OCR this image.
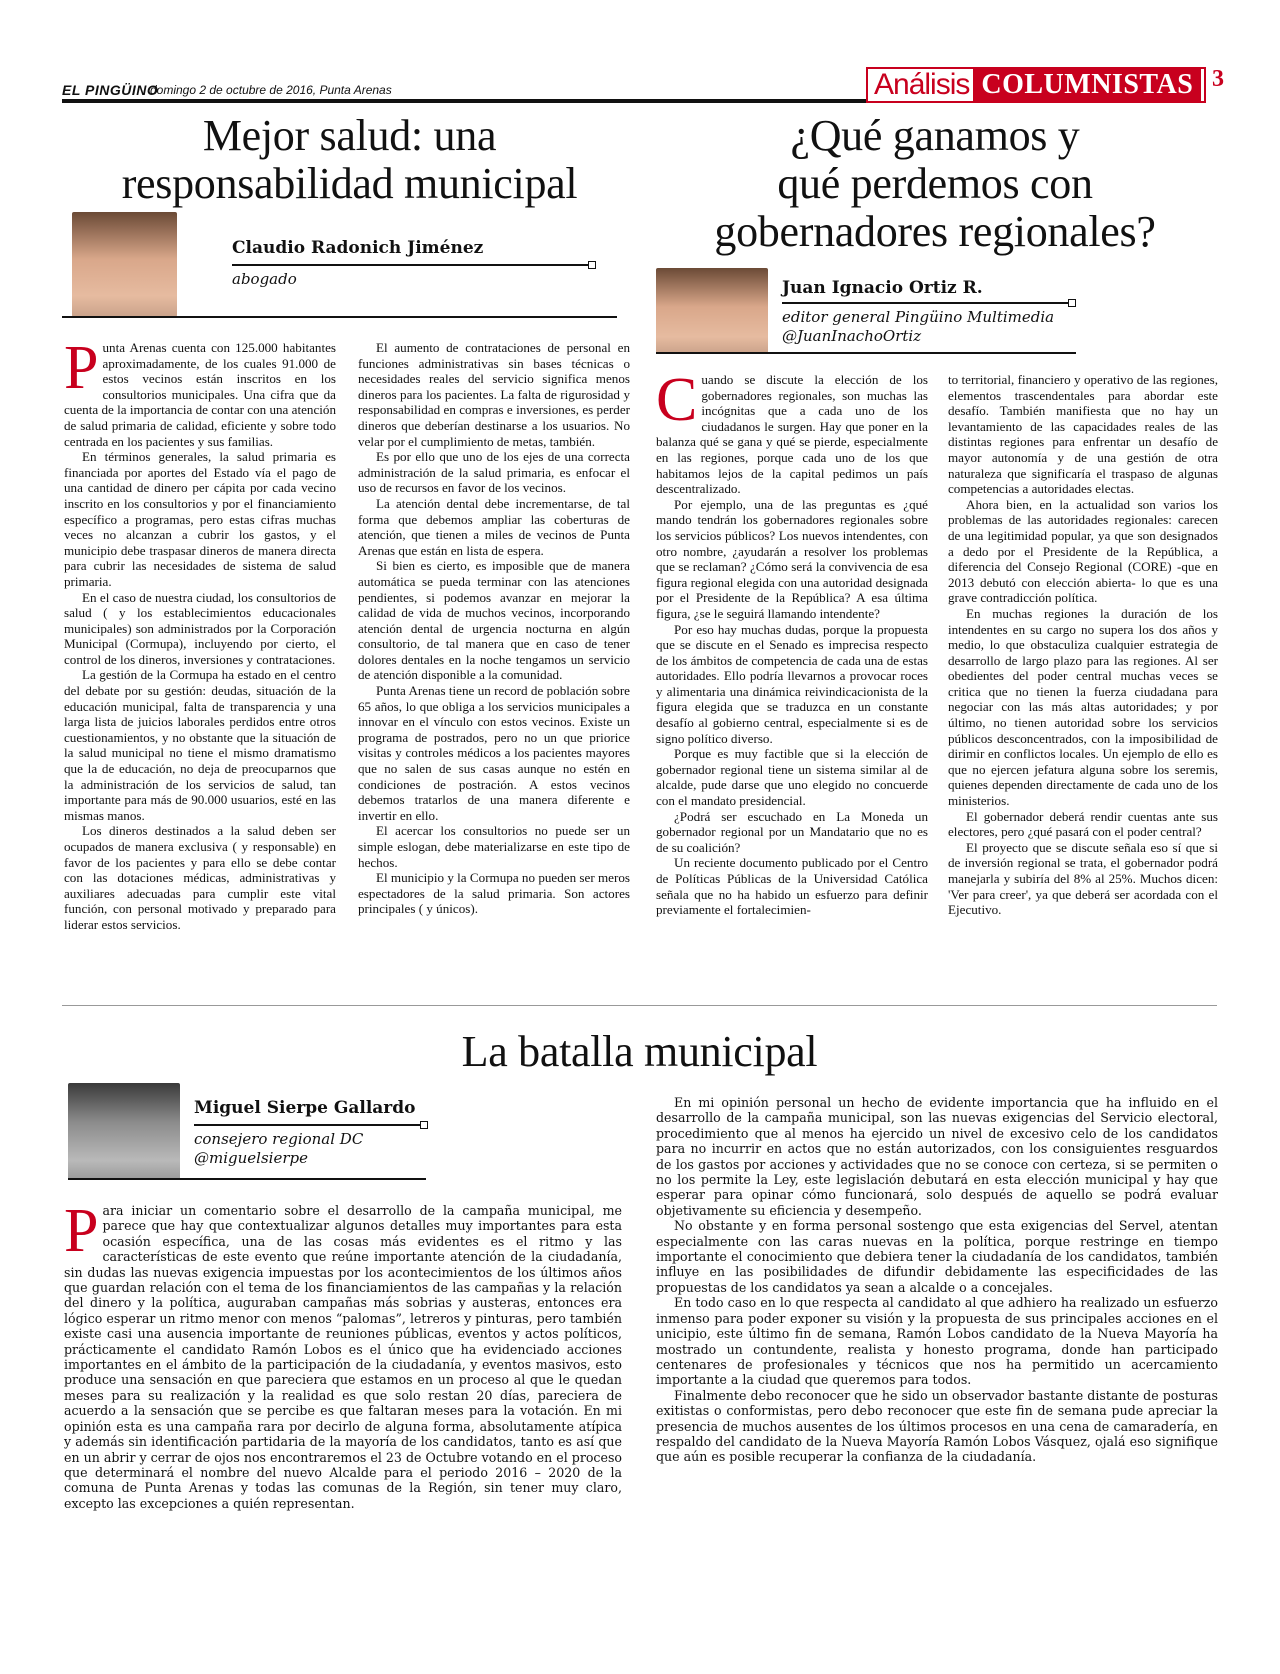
EL PINGÜINO
domingo 2 de octubre de 2016, Punta Arenas	Análisis COLUMNISTAS 3
Mejor salud: una
responsabilidad municipal
Claudio Radonich Jiménez
abogado
P unta Arenas cuenta con 125.000 habitantes aproximadamente, de los cuales 91.000 de estos vecinos están inscritos en los consultorios municipales. Una cifra que da cuenta de la importancia de contar con una atención de salud primaria de calidad, eficiente y sobre todo centrada en los pacientes y sus familias.

En términos generales, la salud primaria es financiada por aportes del Estado vía el pago de una cantidad de dinero per cápita por cada vecino inscrito en los consultorios y por el financiamiento específico a programas, pero estas cifras muchas veces no alcanzan a cubrir los gastos, y el municipio debe traspasar dineros de manera directa para cubrir las necesidades de sistema de salud primaria.

En el caso de nuestra ciudad, los consultorios de salud ( y los establecimientos educacionales municipales) son administrados por la Corporación Municipal (Cormupa), incluyendo por cierto, el control de los dineros, inversiones y contrataciones.

La gestión de la Cormupa ha estado en el centro del debate por su gestión: deudas, situación de la educación municipal, falta de transparencia y una larga lista de juicios laborales perdidos entre otros cuestionamientos, y no obstante que la situación de la salud municipal no tiene el mismo dramatismo que la de educación, no deja de preocuparnos que la administración de los servicios de salud, tan importante para más de 90.000 usuarios, esté en las mismas manos.

Los dineros destinados a la salud deben ser ocupados de manera exclusiva ( y responsable) en favor de los pacientes y para ello se debe contar con las dotaciones médicas, administrativas y auxiliares adecuadas para cumplir este vital función, con personal motivado y preparado para liderar estos servicios.

El aumento de contrataciones de personal en funciones administrativas sin bases técnicas o necesidades reales del servicio significa menos dineros para los pacientes. La falta de rigurosidad y responsabilidad en compras e inversiones, es perder dineros que deberían destinarse a los usuarios. No velar por el cumplimiento de metas, también.

Es por ello que uno de los ejes de una correcta administración de la salud primaria, es enfocar el uso de recursos en favor de los vecinos.

La atención dental debe incrementarse, de tal forma que debemos ampliar las coberturas de atención, que tienen a miles de vecinos de Punta Arenas que están en lista de espera.

Si bien es cierto, es imposible que de manera automática se pueda terminar con las atenciones pendientes, si podemos avanzar en mejorar la calidad de vida de muchos vecinos, incorporando atención dental de urgencia nocturna en algún consultorio, de tal manera que en caso de tener dolores dentales en la noche tengamos un servicio de atención disponible a la comunidad.

Punta Arenas tiene un record de población sobre 65 años, lo que obliga a los servicios municipales a innovar en el vínculo con estos vecinos. Existe un programa de postrados, pero no un que priorice visitas y controles médicos a los pacientes mayores que no salen de sus casas aunque no estén en condiciones de postración. A estos vecinos debemos tratarlos de una manera diferente e invertir en ello.

El acercar los consultorios no puede ser un simple eslogan, debe materializarse en este tipo de hechos.

El municipio y la Cormupa no pueden ser meros espectadores de la salud primaria. Son actores principales ( y únicos).

¿Qué ganamos y
qué perdemos con
gobernadores regionales?
Juan Ignacio Ortiz R.
editor general Pingüino Multimedia
@JuanInachoOrtiz
C uando se discute la elección de los gobernadores regionales, son muchas las incógnitas que a cada uno de los ciudadanos le surgen. Hay que poner en la balanza qué se gana y qué se pierde, especialmente en las regiones, porque cada uno de los que habitamos lejos de la capital pedimos un país descentralizado.

Por ejemplo, una de las preguntas es ¿qué mando tendrán los gobernadores regionales sobre los servicios públicos? Los nuevos intendentes, con otro nombre, ¿ayudarán a resolver los problemas que se reclaman? ¿Cómo será la convivencia de esa figura regional elegida con una autoridad designada por el Presidente de la República? A esa última figura, ¿se le seguirá llamando intendente?

Por eso hay muchas dudas, porque la propuesta que se discute en el Senado es imprecisa respecto de los ámbitos de competencia de cada una de estas autoridades. Ello podría llevarnos a provocar roces y alimentaria una dinámica reivindicacionista de la figura elegida que se traduzca en un constante desafío al gobierno central, especialmente si es de signo político diverso.

Porque es muy factible que si la elección de gobernador regional tiene un sistema similar al de alcalde, pude darse que uno elegido no concuerde con el mandato presidencial.

¿Podrá ser escuchado en La Moneda un gobernador regional por un Mandatario que no es de su coalición?

Un reciente documento publicado por el Centro de Políticas Públicas de la Universidad Católica señala que no ha habido un esfuerzo para definir previamente el fortalecimien-

to territorial, financiero y operativo de las regiones, elementos trascendentales para abordar este desafío. También manifiesta que no hay un levantamiento de las capacidades reales de las distintas regiones para enfrentar un desafío de mayor autonomía y de una gestión de otra naturaleza que significaría el traspaso de algunas competencias a autoridades electas.

Ahora bien, en la actualidad son varios los problemas de las autoridades regionales: carecen de una legitimidad popular, ya que son designados a dedo por el Presidente de la República, a diferencia del Consejo Regional (CORE) -que en 2013 debutó con elección abierta- lo que es una grave contradicción política.

En muchas regiones la duración de los intendentes en su cargo no supera los dos años y medio, lo que obstaculiza cualquier estrategia de desarrollo de largo plazo para las regiones. Al ser obedientes del poder central muchas veces se critica que no tienen la fuerza ciudadana para negociar con las más altas autoridades; y por último, no tienen autoridad sobre los servicios públicos desconcentrados, con la imposibilidad de dirimir en conflictos locales. Un ejemplo de ello es que no ejercen jefatura alguna sobre los seremis, quienes dependen directamente de cada uno de los ministerios.

El gobernador deberá rendir cuentas ante sus electores, pero ¿qué pasará con el poder central?

El proyecto que se discute señala eso sí que si de inversión regional se trata, el gobernador podrá manejarla y subiría del 8% al 25%. Muchos dicen: 'Ver para creer', ya que deberá ser acordada con el Ejecutivo.

La batalla municipal
Miguel Sierpe Gallardo
consejero regional DC
@miguelsierpe
P ara iniciar un comentario sobre el desarrollo de la campaña municipal, me parece que hay que contextualizar algunos detalles muy importantes para esta ocasión específica, una de las cosas más evidentes es el ritmo y las características de este evento que reúne importante atención de la ciudadanía, sin dudas las nuevas exigencia impuestas por los acontecimientos de los últimos años que guardan relación con el tema de los financiamientos de las campañas y la relación del dinero y la política, auguraban campañas más sobrias y austeras, entonces era lógico esperar un ritmo menor con menos “palomas”, letreros y pinturas, pero también existe casi una ausencia importante de reuniones públicas, eventos y actos políticos, prácticamente el candidato Ramón Lobos es el único que ha evidenciado acciones importantes en el ámbito de la participación de la ciudadanía, y eventos masivos, esto produce una sensación en que pareciera que estamos en un proceso al que le quedan meses para su realización y la realidad es que solo restan 20 días, pareciera de acuerdo a la sensación que se percibe es que faltaran meses para la votación. En mi opinión esta es una campaña rara por decirlo de alguna forma, absolutamente atípica y además sin identificación partidaria de la mayoría de los candidatos, tanto es así que en un abrir y cerrar de ojos nos encontraremos el 23 de Octubre votando en el proceso que determinará el nombre del nuevo Alcalde para el periodo 2016 – 2020 de la comuna de Punta Arenas y todas las comunas de la Región, sin tener muy claro, excepto las excepciones a quién representan.

En mi opinión personal un hecho de evidente importancia que ha influido en el desarrollo de la campaña municipal, son las nuevas exigencias del Servicio electoral, procedimiento que al menos ha ejercido un nivel de excesivo celo de los candidatos para no incurrir en actos que no están autorizados, con los consiguientes resguardos de los gastos por acciones y actividades que no se conoce con certeza, si se permiten o no los permite la Ley, este legislación debutará en esta elección municipal y hay que esperar para opinar cómo funcionará, solo después de aquello se podrá evaluar objetivamente su eficiencia y desempeño.

No obstante y en forma personal sostengo que esta exigencias del Servel, atentan especialmente con las caras nuevas en la política, porque restringe en tiempo importante el conocimiento que debiera tener la ciudadanía de los candidatos, también influye en las posibilidades de difundir debidamente las especificidades de las propuestas de los candidatos ya sean a alcalde o a concejales.

En todo caso en lo que respecta al candidato al que adhiero ha realizado un esfuerzo inmenso para poder exponer su visión y la propuesta de sus principales acciones en el unicipio, este último fin de semana, Ramón Lobos candidato de la Nueva Mayoría ha mostrado un contundente, realista y honesto programa, donde han participado centenares de profesionales y técnicos que nos ha permitido un acercamiento importante a la ciudad que queremos para todos.

Finalmente debo reconocer que he sido un observador bastante distante de posturas exitistas o conformistas, pero debo reconocer que este fin de semana pude apreciar la presencia de muchos ausentes de los últimos procesos en una cena de camaradería, en respaldo del candidato de la Nueva Mayoría Ramón Lobos Vásquez, ojalá eso signifique que aún es posible recuperar la confianza de la ciudadanía.
